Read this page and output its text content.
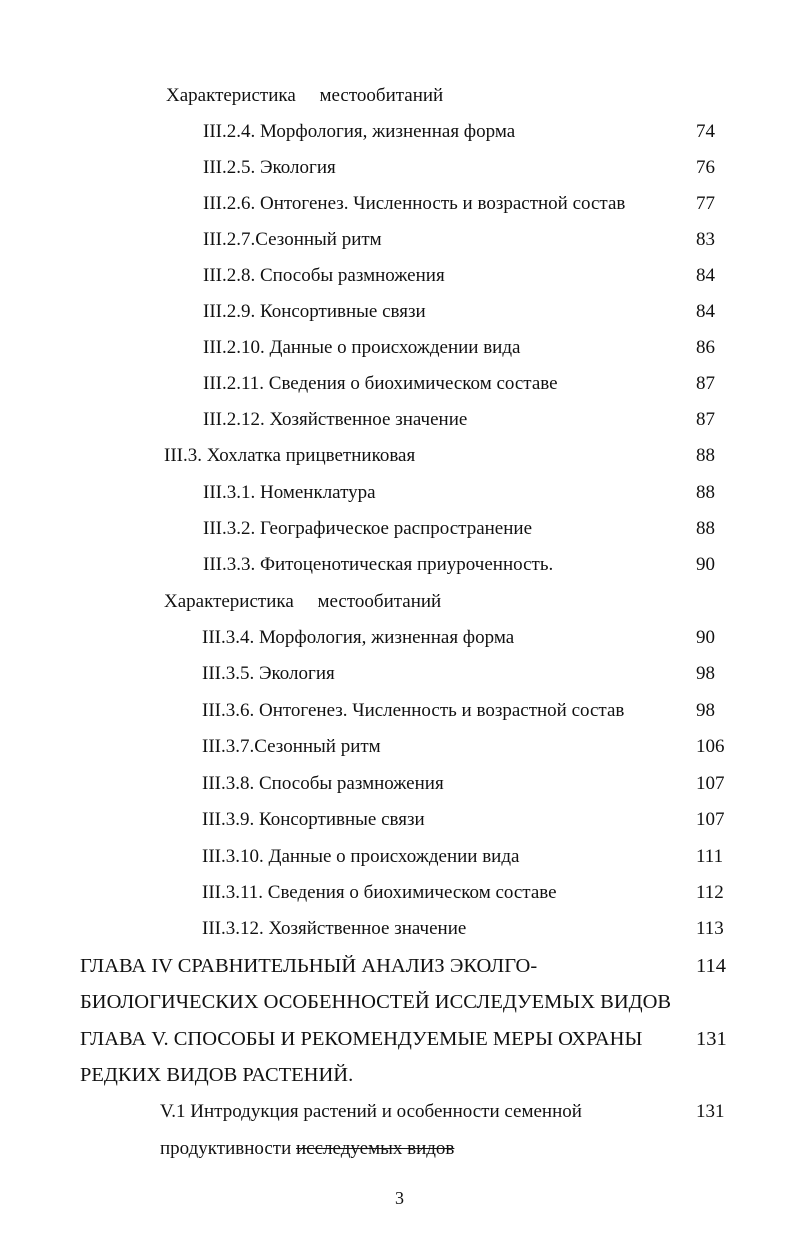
Характеристика     местообитаний
III.2.4. Морфология, жизненная форма	74
III.2.5. Экология	76
III.2.6. Онтогенез. Численность и возрастной состав	77
III.2.7.Сезонный ритм	83
III.2.8. Способы размножения	84
III.2.9. Консортивные связи	84
III.2.10. Данные о происхождении вида	86
III.2.11. Сведения о биохимическом составе	87
III.2.12. Хозяйственное значение	87
III.3. Хохлатка прицветниковая	88
III.3.1. Номенклатура	88
III.3.2. Географическое распространение	88
III.3.3. Фитоценотическая приуроченность.	90
Характеристика     местообитаний
III.3.4. Морфология, жизненная форма	90
III.3.5. Экология	98
III.3.6. Онтогенез. Численность и возрастной состав	98
III.3.7.Сезонный ритм	106
III.3.8. Способы размножения	107
III.3.9. Консортивные связи	107
III.3.10. Данные о происхождении вида	111
III.3.11. Сведения о биохимическом составе	112
III.3.12. Хозяйственное значение	113
ГЛАВА IV СРАВНИТЕЛЬНЫЙ АНАЛИЗ ЭКОЛГО-	114
БИОЛОГИЧЕСКИХ ОСОБЕННОСТЕЙ ИССЛЕДУЕМЫХ ВИДОВ
ГЛАВА V. СПОСОБЫ И РЕКОМЕНДУЕМЫЕ МЕРЫ ОХРАНЫ	131
РЕДКИХ ВИДОВ РАСТЕНИЙ.
V.1 Интродукция растений и особенности семенной	131
продуктивности исследуемых видов
3
